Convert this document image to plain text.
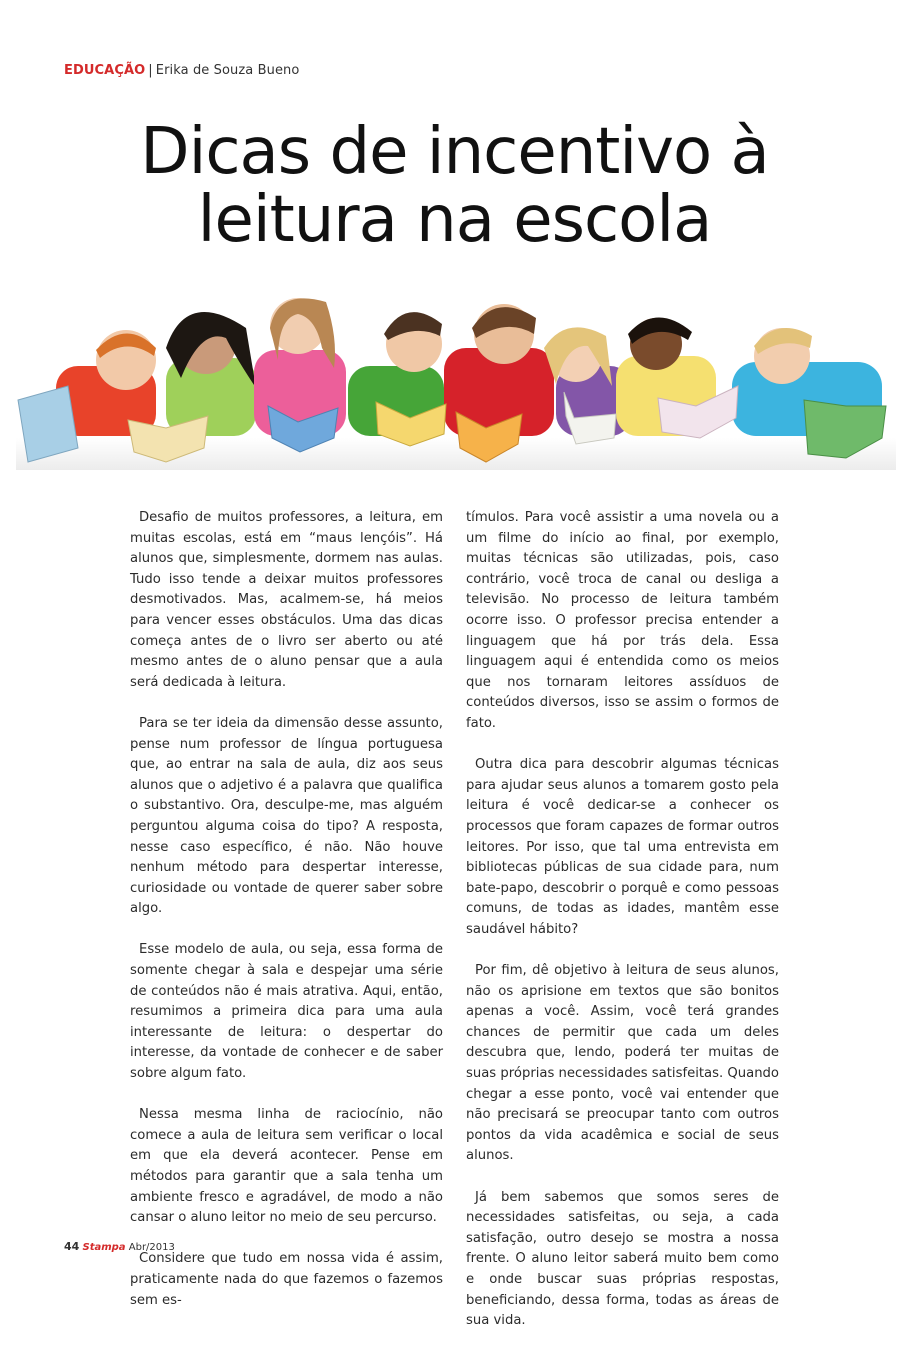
EDUCAÇÃO | Erika de Souza Bueno
Dicas de incentivo à
leitura na escola

Desafio de muitos professores, a leitura, em muitas escolas, está em “maus lençóis”. Há alunos que, simplesmente, dormem nas aulas. Tudo isso tende a deixar muitos professores desmotivados. Mas, acalmem-se, há meios para vencer esses obstáculos. Uma das dicas começa antes de o livro ser aberto ou até mesmo antes de o aluno pensar que a aula será dedicada à leitura.

Para se ter ideia da dimensão desse assunto, pense num professor de língua portuguesa que, ao entrar na sala de aula, diz aos seus alunos que o adjetivo é a palavra que qualifica o substantivo. Ora, desculpe-me, mas alguém perguntou alguma coisa do tipo? A resposta, nesse caso específico, é não. Não houve nenhum método para despertar interesse, curiosidade ou vontade de querer saber sobre algo.

Esse modelo de aula, ou seja, essa forma de somente chegar à sala e despejar uma série de conteúdos não é mais atrativa. Aqui, então, resumimos a primeira dica para uma aula interessante de leitura: o despertar do interesse, da vontade de conhecer e de saber sobre algum fato.

Nessa mesma linha de raciocínio, não comece a aula de leitura sem verificar o local em que ela deverá acontecer. Pense em métodos para garantir que a sala tenha um ambiente fresco e agradável, de modo a não cansar o aluno leitor no meio de seu percurso.

Considere que tudo em nossa vida é assim, praticamente nada do que fazemos o fazemos sem es-

tímulos. Para você assistir a uma novela ou a um filme do início ao final, por exemplo, muitas técnicas são utilizadas, pois, caso contrário, você troca de canal ou desliga a televisão. No processo de leitura também ocorre isso. O professor precisa entender a linguagem que há por trás dela. Essa linguagem aqui é entendida como os meios que nos tornaram leitores assíduos de conteúdos diversos, isso se assim o formos de fato.

Outra dica para descobrir algumas técnicas para ajudar seus alunos a tomarem gosto pela leitura é você dedicar-se a conhecer os processos que foram capazes de formar outros leitores. Por isso, que tal uma entrevista em bibliotecas públicas de sua cidade para, num bate-papo, descobrir o porquê e como pessoas comuns, de todas as idades, mantêm esse saudável hábito?

Por fim, dê objetivo à leitura de seus alunos, não os aprisione em textos que são bonitos apenas a você. Assim, você terá grandes chances de permitir que cada um deles descubra que, lendo, poderá ter muitas de suas próprias necessidades satisfeitas. Quando chegar a esse ponto, você vai entender que não precisará se preocupar tanto com outros pontos da vida acadêmica e social de seus alunos.

Já bem sabemos que somos seres de necessidades satisfeitas, ou seja, a cada satisfação, outro desejo se mostra a nossa frente. O aluno leitor saberá muito bem como e onde buscar suas próprias respostas, beneficiando, dessa forma, todas as áreas de sua vida.

44 Stampa Abr/2013
